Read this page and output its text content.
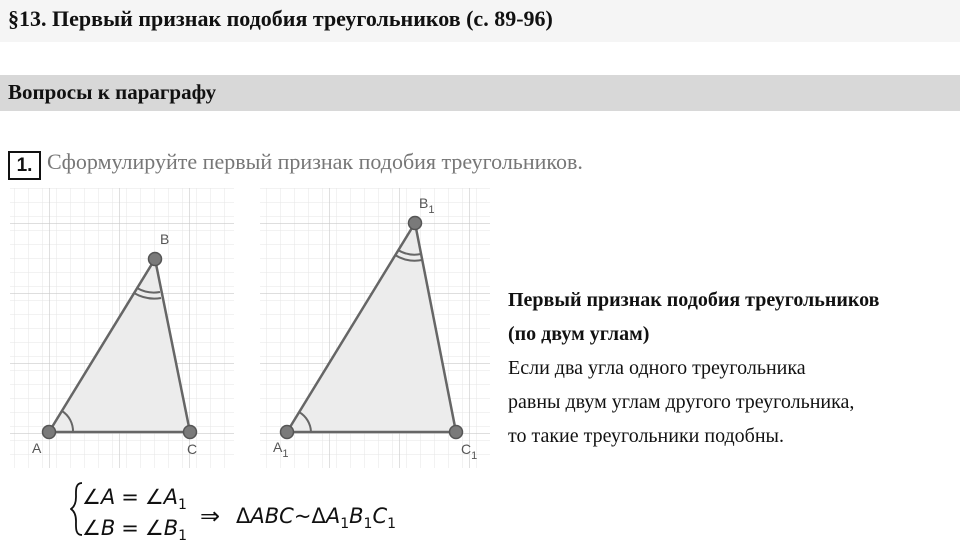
§13. Первый признак подобия треугольников (с. 89-96)
Вопросы к параграфу
1. Сформулируйте первый признак подобия треугольников.
A
B
C	$A_1$
$B_1$
$C_1$
Первый признак подобия треугольников
(по двум углам)
Если два угла одного треугольника
равны двум углам другого треугольника,
то такие треугольники подобны.
∠A = $\angle A_1$
∠B = $\angle B_1$
⇒ $\Delta ABC\sim\Delta A_1B_1C_1$
